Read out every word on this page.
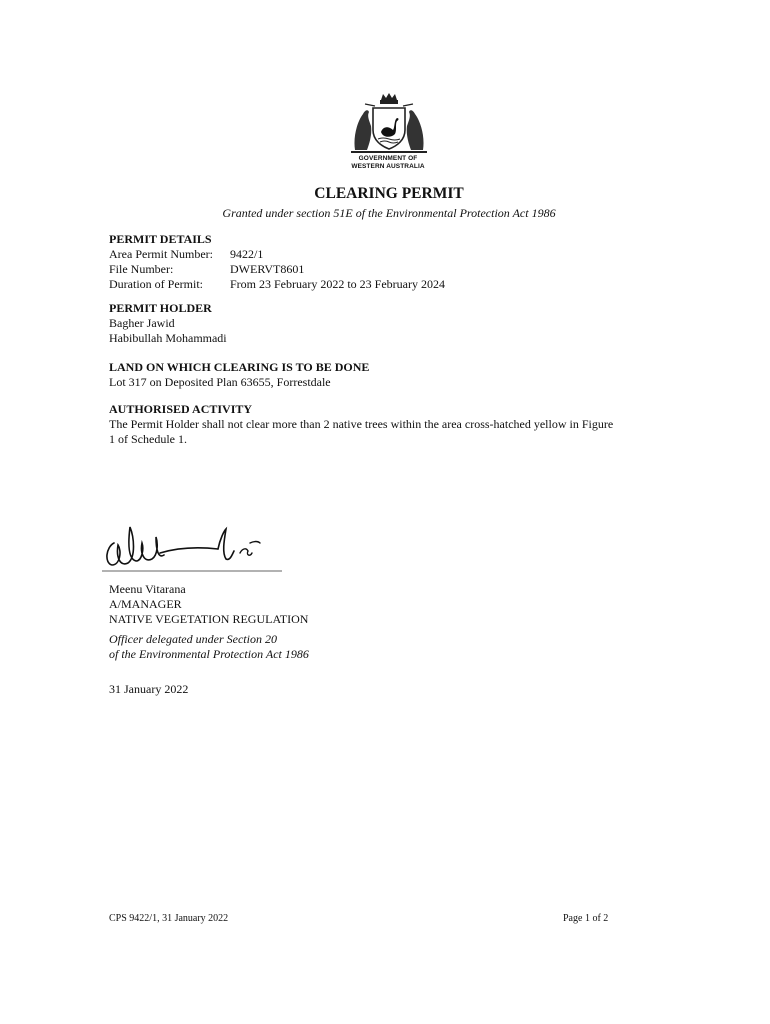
GOVERNMENT OF
WESTERN AUSTRALIA
CLEARING PERMIT

Granted under section 51E of the Environmental Protection Act 1986

PERMIT DETAILS
Area Permit Number:	9422/1
File Number:	DWERVT8601
Duration of Permit:	From 23 February 2022 to 23 February 2024
PERMIT HOLDER
Bagher Jawid
Habibullah Mohammadi
LAND ON WHICH CLEARING IS TO BE DONE
Lot 317 on Deposited Plan 63655, Forrestdale
AUTHORISED ACTIVITY
The Permit Holder shall not clear more than 2 native trees within the area cross-hatched yellow in Figure
1 of Schedule 1.
Meenu Vitarana
A/MANAGER
NATIVE VEGETATION REGULATION
Officer delegated under Section 20
of the Environmental Protection Act 1986
31 January 2022
CPS 9422/1, 31 January 2022	Page 1 of 2
